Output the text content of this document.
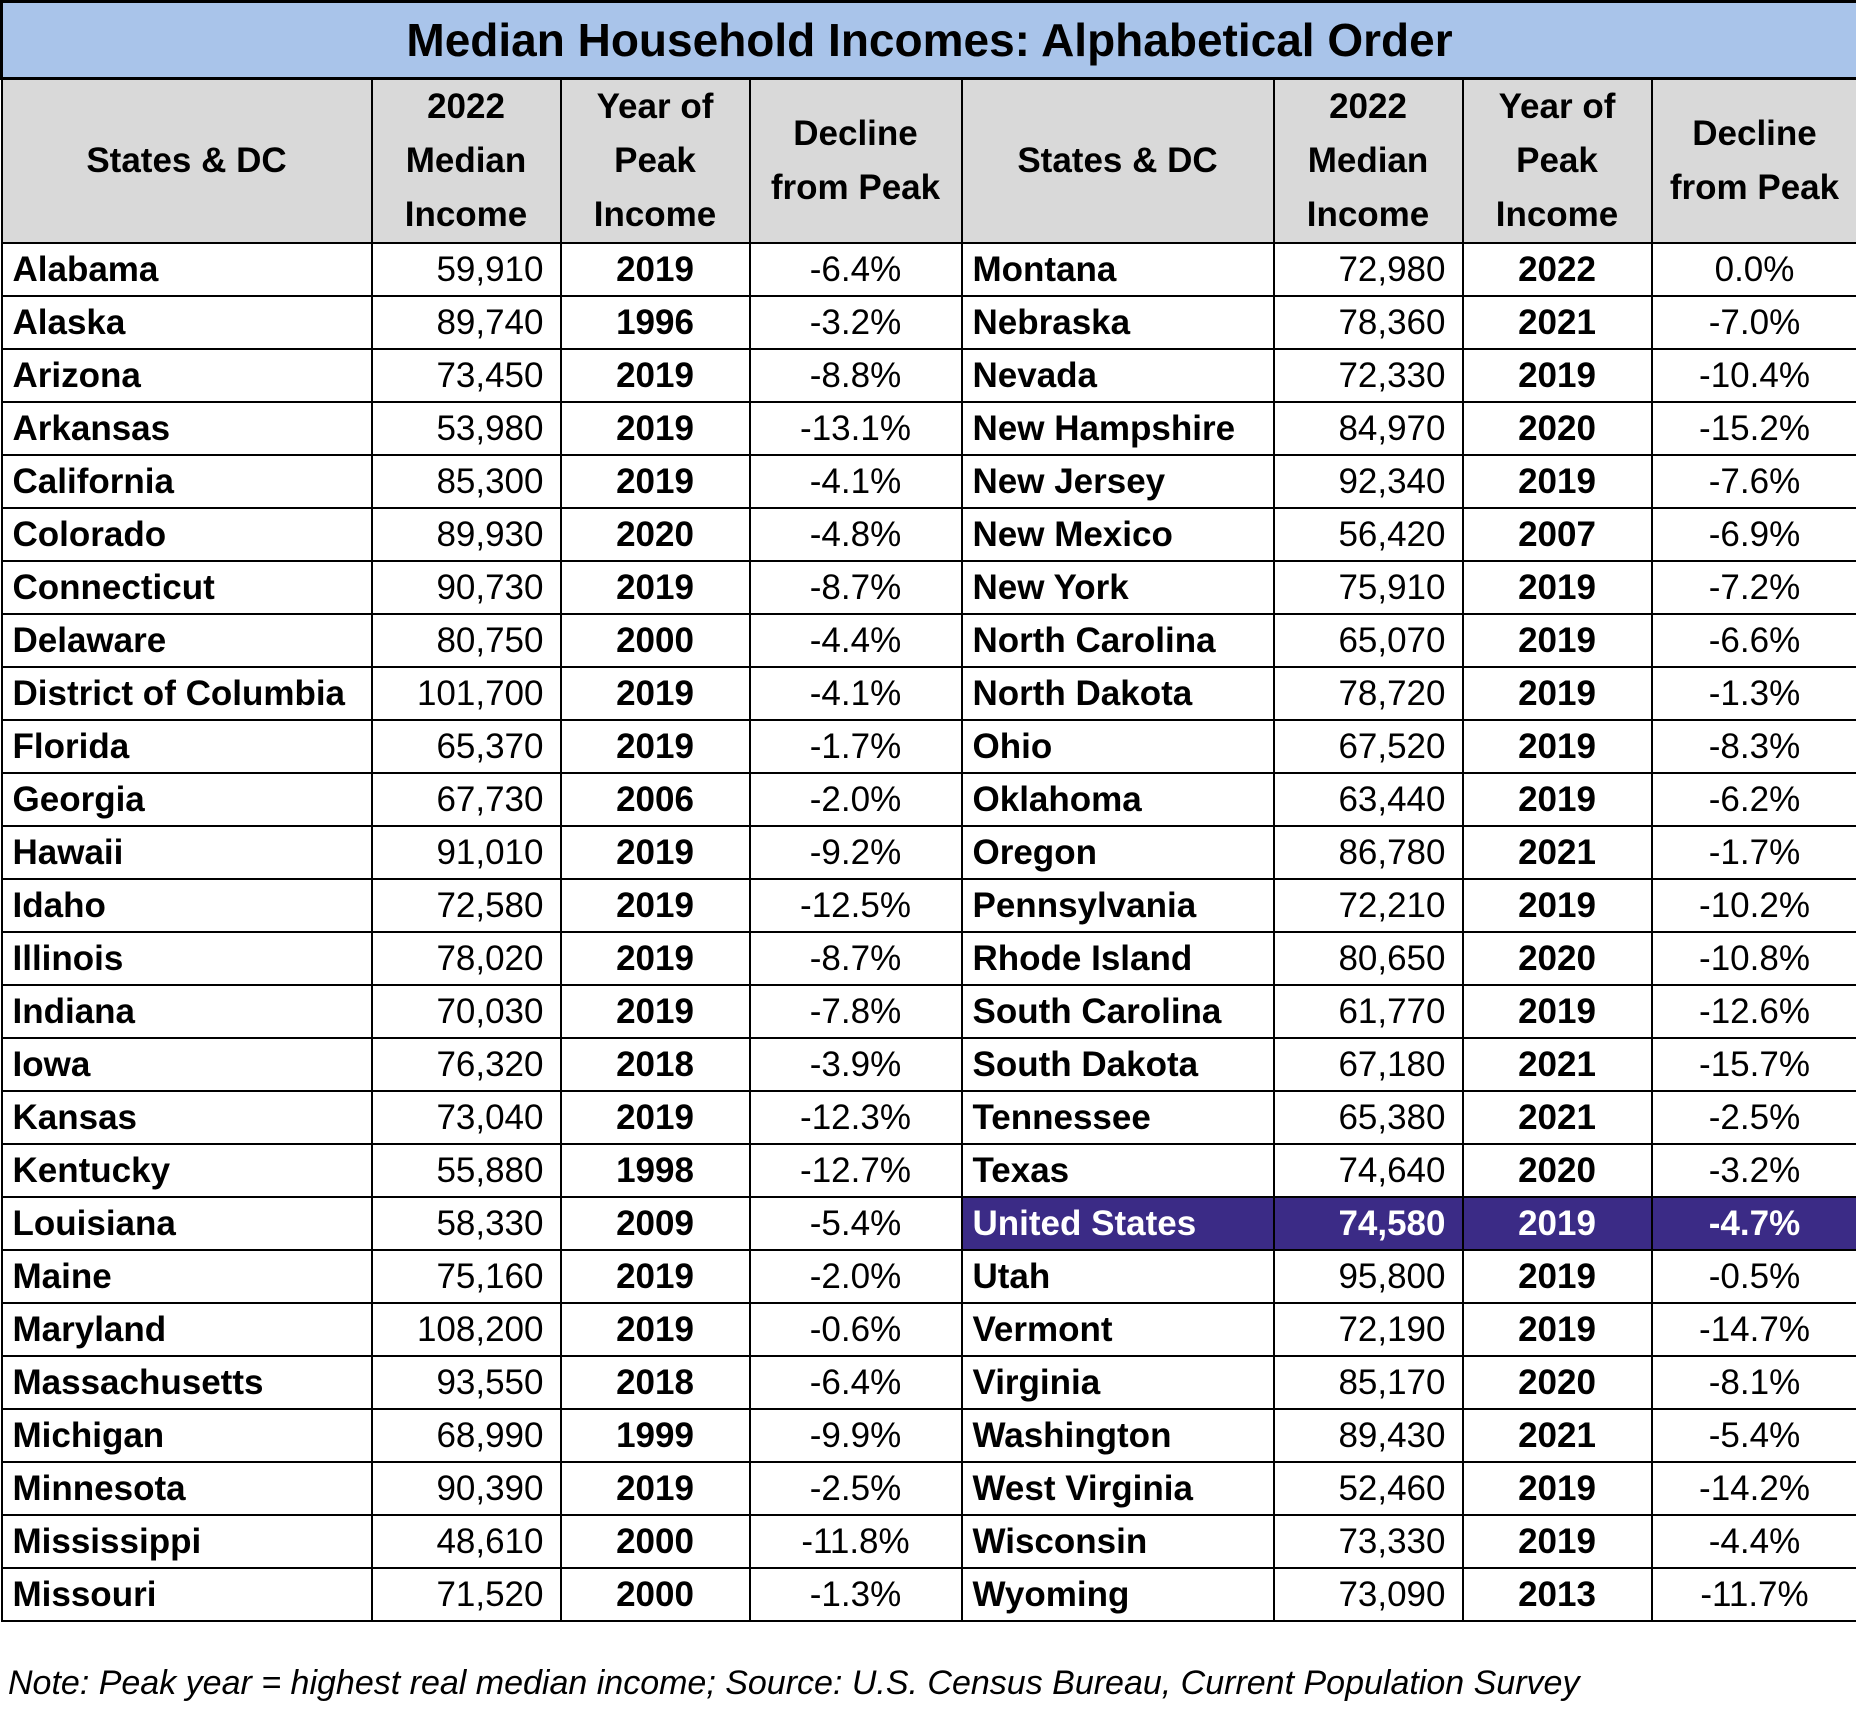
Median Household Incomes: Alphabetical Order							
States & DC	2022
Median
Income	Year of
Peak
Income	Decline
from Peak	States & DC	2022
Median
Income	Year of
Peak
Income	Decline
from Peak
Alabama	59,910	2019	-6.4%	Montana	72,980	2022	0.0%
Alaska	89,740	1996	-3.2%	Nebraska	78,360	2021	-7.0%
Arizona	73,450	2019	-8.8%	Nevada	72,330	2019	-10.4%
Arkansas	53,980	2019	-13.1%	New Hampshire	84,970	2020	-15.2%
California	85,300	2019	-4.1%	New Jersey	92,340	2019	-7.6%
Colorado	89,930	2020	-4.8%	New Mexico	56,420	2007	-6.9%
Connecticut	90,730	2019	-8.7%	New York	75,910	2019	-7.2%
Delaware	80,750	2000	-4.4%	North Carolina	65,070	2019	-6.6%
District of Columbia	101,700	2019	-4.1%	North Dakota	78,720	2019	-1.3%
Florida	65,370	2019	-1.7%	Ohio	67,520	2019	-8.3%
Georgia	67,730	2006	-2.0%	Oklahoma	63,440	2019	-6.2%
Hawaii	91,010	2019	-9.2%	Oregon	86,780	2021	-1.7%
Idaho	72,580	2019	-12.5%	Pennsylvania	72,210	2019	-10.2%
Illinois	78,020	2019	-8.7%	Rhode Island	80,650	2020	-10.8%
Indiana	70,030	2019	-7.8%	South Carolina	61,770	2019	-12.6%
Iowa	76,320	2018	-3.9%	South Dakota	67,180	2021	-15.7%
Kansas	73,040	2019	-12.3%	Tennessee	65,380	2021	-2.5%
Kentucky	55,880	1998	-12.7%	Texas	74,640	2020	-3.2%
Louisiana	58,330	2009	-5.4%	United States	74,580	2019	-4.7%
Maine	75,160	2019	-2.0%	Utah	95,800	2019	-0.5%
Maryland	108,200	2019	-0.6%	Vermont	72,190	2019	-14.7%
Massachusetts	93,550	2018	-6.4%	Virginia	85,170	2020	-8.1%
Michigan	68,990	1999	-9.9%	Washington	89,430	2021	-5.4%
Minnesota	90,390	2019	-2.5%	West Virginia	52,460	2019	-14.2%
Mississippi	48,610	2000	-11.8%	Wisconsin	73,330	2019	-4.4%
Missouri	71,520	2000	-1.3%	Wyoming	73,090	2013	-11.7%
Note: Peak year = highest real median income; Source: U.S. Census Bureau, Current Population Survey
